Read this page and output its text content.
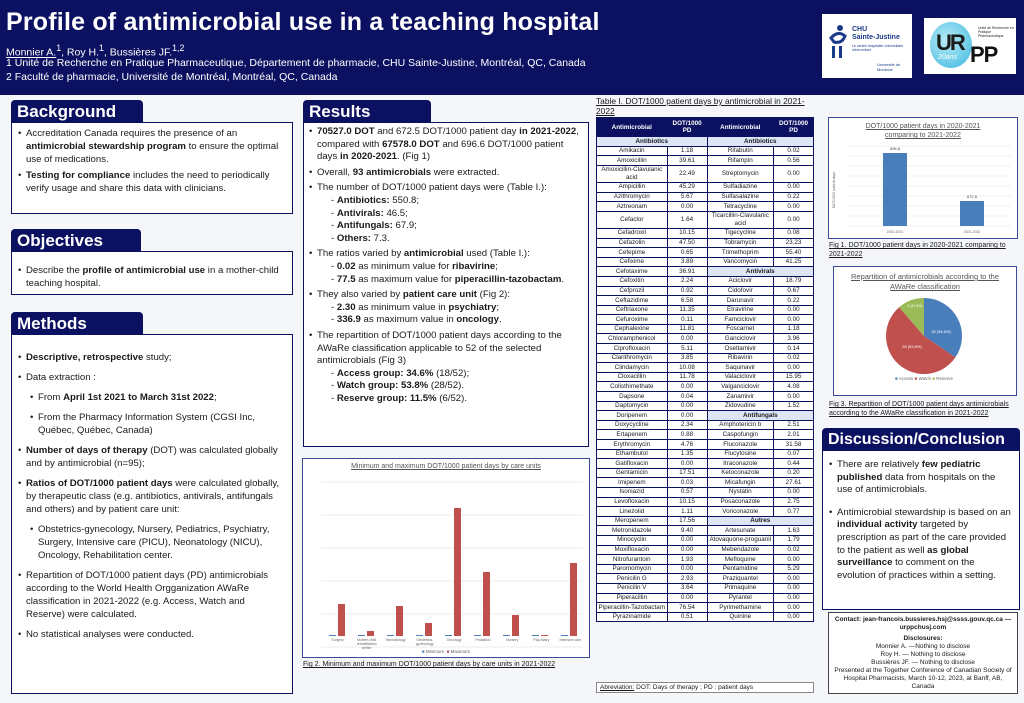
Profile of antimicrobial use in a teaching hospital
Monnier A.$^1$, Roy H.$^1$, Bussières JF.$^{1,2}$
1 Unité de Recherche en Pratique Pharmaceutique, Département de pharmacie, CHU Sainte-Justine, Montréal, QC, Canada
2 Faculté de pharmacie, Université de Montréal, Montréal, QC, Canada
CHU
Sainte-Justine
Le centre hospitalier universitaire mère-enfant
Université de Montréal
UR
20ans PP
Unité de Recherche en Pratique Pharmaceutique
Background
• Accreditation Canada requires the presence of an antimicrobial stewardship program to ensure the optimal use of medications.
• Testing for compliance includes the need to periodically verify usage and share this data with clinicians.
Objectives
• Describe the profile of antimicrobial use in a mother-child teaching hospital.
Methods
• Descriptive, retrospective study;
• Data extraction :
• From April 1st 2021 to March 31st 2022;
• From the Pharmacy Information System (CGSI Inc, Québec, Québec, Canada)
• Number of days of therapy (DOT) was calculated globally and by antimicrobial (n=95);
• Ratios of DOT/1000 patient days were calculated globally, by therapeutic class (e.g. antibiotics, antivirals, antifungals and others) and by patient care unit:
• Obstetrics-gynecology, Nursery, Pediatrics, Psychiatry, Surgery, Intensive care (PICU), Neonatology (NICU), Oncology, Rehabilitation center.
• Repartition of DOT/1000 patient days (PD) antimicrobials according to the World Health Orgganization AWaRe classification in 2021-2022 (e.g. Access, Watch and Reserve) were calculated.
• No statistical analyses were conducted.
Results
• 70527.0 DOT and 672.5 DOT/1000 patient day in 2021-2022, compared with 67578.0 DOT and 696.6 DOT/1000 patient days in 2020-2021. (Fig 1)
• Overall, 93 antimicrobials were extracted.
• The number of DOT/1000 patient days were (Table I.):
- Antibiotics: 550.8;
- Antivirals: 46.5;
- Antifungals: 67.9;
- Others: 7.3.
• The ratios varied by antimicrobial used (Table I.):
- 0.02 as minimum value for ribavirine;
- 77.5 as maximum value for piperacillin-tazobactam.
• They also varied by patient care unit (Fig 2):
- 2.30 as minimum value in psychiatry;
- 336.9 as maximum value in oncology.
• The repartition of DOT/1000 patient days according to the AWaRe classification applicable to 52 of the selected antimicrobials (Fig 3)
- Access group: 34.6% (18/52);
- Watch group: 53.8% (28/52).
- Reserve group: 11.5% (6/52).
Minimum and maximum DOT/1000 patient days by care units
Surgery	Mother-child rehabilitation center
Neonatology	Obstetrics-gynecology
Oncology	Pediatrics	Nursery	Psychiatry	Intensive care
■ Minimum ■ Maximum
Fig 2. Minimum and maximum DOT/1000 patient days by care units in 2021-2022
Table I. DOT/1000 patient days by antimicrobial in 2021-2022
Antimicrobial	DOT/1000 PD	Antimicrobial	DOT/1000 PD
Antibiotics		Antibiotics	
Amikacin	1.18	Rifabutin	0.02
Amoxicillin	39.61	Rifampin	0.56
Amoxicillin-Clavulanic acid	22.49	Streptomycin	0.00
Ampicillin	45.29	Sulfadiazine	0.00
Azithromycin	5.67	Sulfasalazine	0.22
Aztreonam	0.00	Tetracycline	0.00
Cefaclor	1.64	Ticarcillin-Clavulanic acid	0.00
Cefadroxil	10.15	Tigecycline	0.08
Cefazolin	47.50	Tobramycin	23.23
Cefepime	0.65	Trimethoprim	55.40
Cefixime	3.89	Vancomycin	41.25
Cefotaxime	36.91	Antivirals	
Cefoxitin	2.24	Aciclovir	18.79
Cefprozil	0.92	Cidofovir	0.67
Ceftazidime	6.58	Darunavir	0.22
Ceftriaxone	11.35	Etravirine	0.00
Cefuroxime	0.11	Famciclovir	0.00
Cephalexine	11.81	Foscarnet	1.18
Chloramphenicol	0.00	Ganciclovir	3.96
Ciprofloxacin	5.11	Oseltamivir	0.14
Clarithromycin	3.85	Ribavirin	0.02
Clindamycin	10.08	Saquinavir	0.00
Cloxacillin	11.78	Valaciclovir	15.95
Colisthimethate	0.00	Valganciclovir	4.08
Dapsone	0.04	Zanamivir	0.00
Daptomycin	0.00	Zidovudine	1.52
Doripenem	0.00	Antifungals	
Doxycycline	2.34	Amphotericin b	2.51
Ertapenem	0.88	Caspofungin	2.01
Erythromycin	4.76	Fluconazole	31.58
Ethambutol	1.35	Flucytosine	0.07
Gatifloxacin	0.00	Itraconazole	0.44
Gentamicin	17.51	Ketoconazole	0.20
Imipenem	0.03	Micafungin	27.61
Isoniazid	0.57	Nystatin	0.00
Levofloxacin	10.15	Posaconazole	2.75
Linezolid	1.11	Voriconazole	0.77
Meropenem	17.56	Autres	
Metronidazole	9.40	Artesunate	1.63
Minocyclin	0.00	Atovaquone-proguanil	1.79
Moxifloxacin	0.00	Mebendazole	0.02
Nitrofurantoin	1.93	Mefloquine	0.00
Paromomycin	0.00	Pentamidine	5.29
Penicilin G	2.93	Praziquantel	0.00
Penicilin V	3.64	Primaquine	0.00
Piperacillin	0.00	Pyrantel	0.00
Piperacillin-Tazobactam	76.54	Pyrimethamine	0.00
Pyrazinamide	0.51	Quinine	0,00
Abreviation: DOT: Days of therapy ; PD : patient days
DOT/1000 patient days in 2020-2021 comparing to 2021-2022
696,6
672,5
2020-2021	2021-2022
DOT/1000 patient-days
Fig 1. DOT/1000 patient days in 2020-2021 comparing to 2021-2022
Repartition of antimicrobials according to the AWaRe classification
18 (34.6%)
28 (53.8%)
6 (11.5%)
■ Access ■ Watch ■ Reserve
Fig 3. Repartition of DOT/1000 patient days antimicrobials according to the AWaRe classification in 2021-2022
Discussion/Conclusion
• There are relatively few pediatric published data from hospitals on the use of antimicrobials.
• Antimicrobial stewardship is based on an individual activity targeted by prescription as part of the care provided to the patient as well as global surveillance to comment on the evolution of practices within a setting.
Contact: jean-francois.bussieres.hsj@ssss.gouv.qc.ca —
urppchusj.com
Disclosures:
Monnier A. —Nothing to disclose
Roy H. — Nothing to disclose
Bussières JF. — Nothing to disclose
Presented at the Together Conference of Canadian Society of Hospital Pharmacists, March 10-12, 2023, at Banff, AB, Canada
